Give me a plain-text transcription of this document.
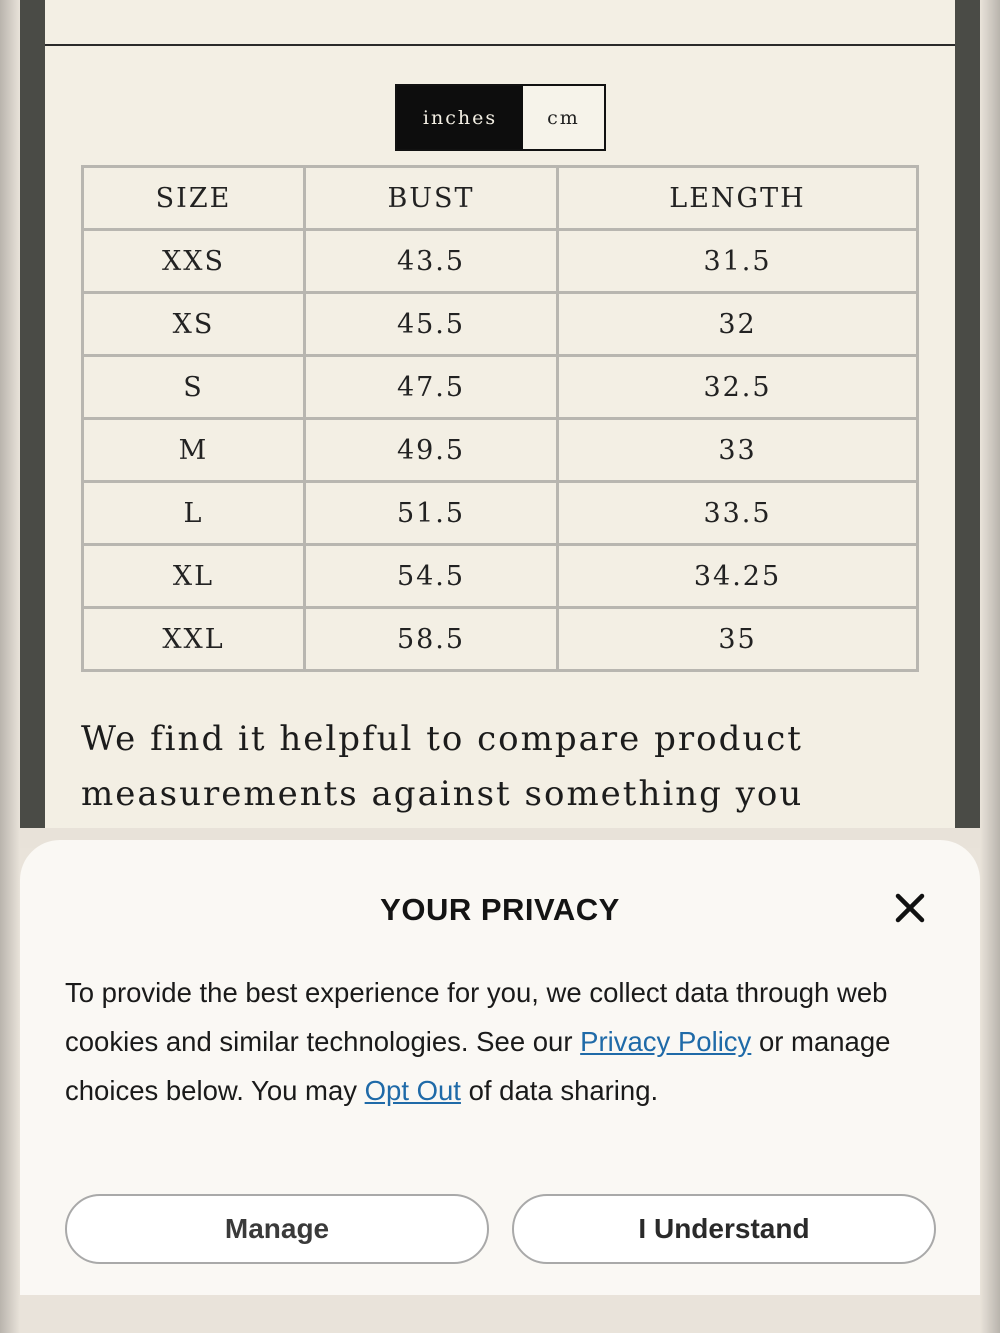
inches	cm
SIZE	BUST	LENGTH
XXS	43.5	31.5
XS	45.5	32
S	47.5	32.5
M	49.5	33
L	51.5	33.5
XL	54.5	34.25
XXL	58.5	35
We find it helpful to compare product measurements against something you
YOUR PRIVACY

To provide the best experience for you, we collect data through web cookies and similar technologies. See our Privacy Policy or manage choices below. You may Opt Out of data sharing.

Manage	I Understand
